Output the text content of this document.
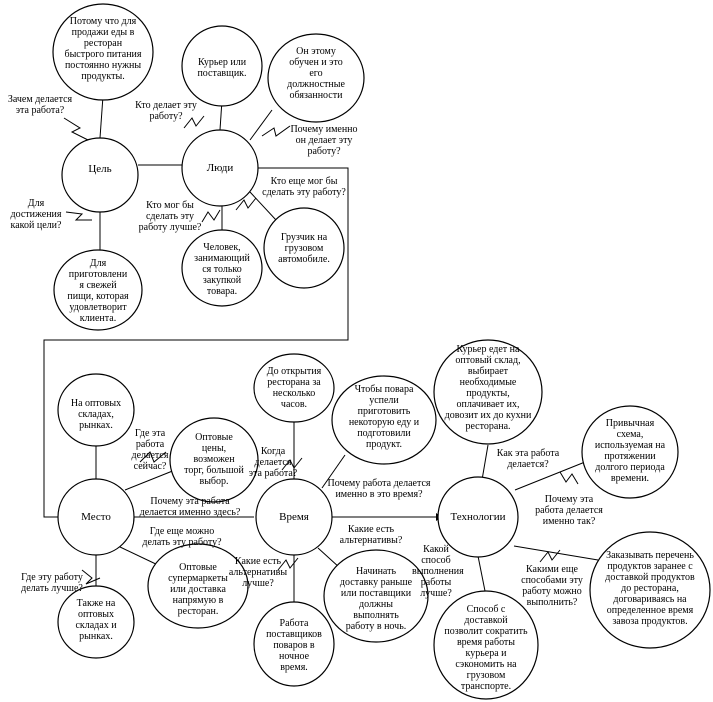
Цель	Люди
Место	Время	Технологии
Потому что для
продажи еды в
ресторан
быстрого питания
постоянно нужны
продукты.
Курьер или
поставщик.
Он этому
обучен и это
его
должностные
обязанности
Для
приготовлени
я свежей
пищи, которая
удовлетворит
клиента.
Человек,
занимающий
ся только
закупкой
товара.
Грузчик на
грузовом
автомобиле.
На оптовых
складах,
рынках.
Оптовые
цены,
возможен
торг, большой
выбор.
До открытия
ресторана за
несколько
часов.
Чтобы повара
успели
приготовить
некоторую еду и
подготовили
продукт.
Курьер едет на
оптовый склад,
выбирает
необходимые
продукты,
оплачивает их,
довозит их до кухни
ресторана.	Привычная
схема,
используемая на
протяжении
долгого периода
времени.
Оптовые
супермаркеты
или доставка
напрямую в
ресторан.
Также на
оптовых
складах и
рынках.
Работа
поставщиков
поваров в
ночное
время.
Начинать
доставку раньше
или поставщики
должны
выполнять
работу в ночь.
Способ с
доставкой
позволит сократить
время работы
курьера и
сэкономить на
грузовом
транспорте.
Заказывать перечень
продуктов заранее с
доставкой продуктов
до ресторана,
договариваясь на
определенное время
завоза продуктов.
Зачем делается
эта работа?	Кто делает эту
работу?
Почему именно
он делает эту
работу?
Для
достижения
какой цели?
Кто мог бы
сделать эту
работу лучше?
Кто еще мог бы
сделать эту работу?
Где эта
работа
делается
сейчас?
Почему эта работа
делается именно здесь?
Где еще можно
делать эту работу?
Где эту работу
делать лучше?
Когда
делается
эта работа?
Почему работа делается
именно в это время?
Какие есть
альтернативы?
Какие есть
альтернативы
лучше?
Как эта работа
делается?
Почему эта
работа делается
именно так?
Какой
способ
выполнения
работы
лучше?
Какими еще
способами эту
работу можно
выполнить?
